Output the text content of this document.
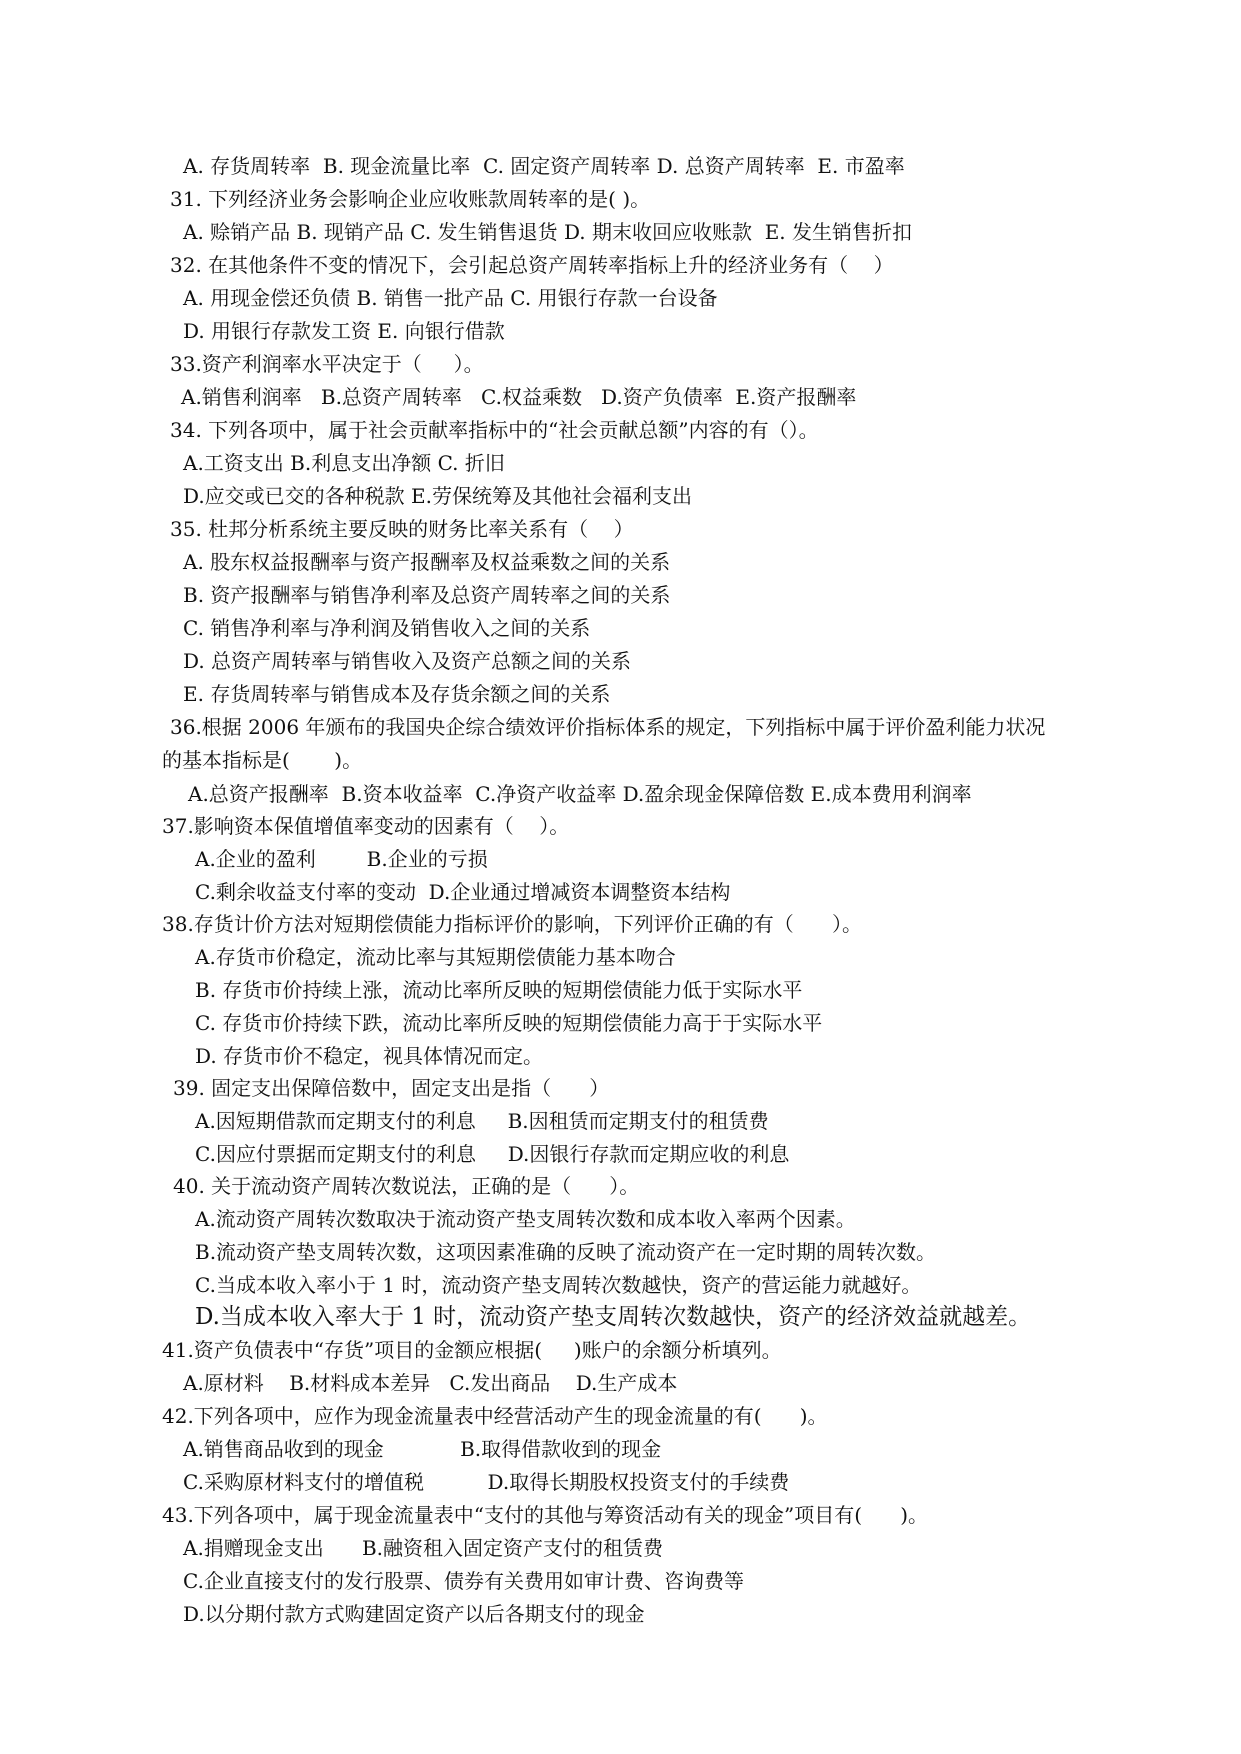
A. 存货周转率  B. 现金流量比率  C. 固定资产周转率 D. 总资产周转率  E. 市盈率

31. 下列经济业务会影响企业应收账款周转率的是( )。

A. 赊销产品 B. 现销产品 C. 发生销售退货 D. 期末收回应收账款  E. 发生销售折扣

32. 在其他条件不变的情况下，会引起总资产周转率指标上升的经济业务有（    ）

A. 用现金偿还负债 B. 销售一批产品 C. 用银行存款一台设备

D. 用银行存款发工资 E. 向银行借款

33.资产利润率水平决定于（     ）。

A.销售利润率   B.总资产周转率   C.权益乘数   D.资产负债率  E.资产报酬率

34. 下列各项中，属于社会贡献率指标中的“社会贡献总额”内容的有（）。

A.工资支出 B.利息支出净额 C. 折旧

D.应交或已交的各种税款 E.劳保统筹及其他社会福利支出

35. 杜邦分析系统主要反映的财务比率关系有（    ）

A. 股东权益报酬率与资产报酬率及权益乘数之间的关系

B. 资产报酬率与销售净利率及总资产周转率之间的关系

C. 销售净利率与净利润及销售收入之间的关系

D. 总资产周转率与销售收入及资产总额之间的关系

E. 存货周转率与销售成本及存货余额之间的关系

36.根据 2006 年颁布的我国央企综合绩效评价指标体系的规定，下列指标中属于评价盈利能力状况

的基本指标是(       )。

A.总资产报酬率  B.资本收益率  C.净资产收益率 D.盈余现金保障倍数 E.成本费用利润率

37.影响资本保值增值率变动的因素有（    ）。

A.企业的盈利        B.企业的亏损

C.剩余收益支付率的变动  D.企业通过增减资本调整资本结构

38.存货计价方法对短期偿债能力指标评价的影响，下列评价正确的有（      ）。

A.存货市价稳定，流动比率与其短期偿债能力基本吻合

B. 存货市价持续上涨，流动比率所反映的短期偿债能力低于实际水平

C. 存货市价持续下跌，流动比率所反映的短期偿债能力高于于实际水平

D. 存货市价不稳定，视具体情况而定。

39. 固定支出保障倍数中，固定支出是指（      ）

A.因短期借款而定期支付的利息     B.因租赁而定期支付的租赁费

C.因应付票据而定期支付的利息     D.因银行存款而定期应收的利息

40. 关于流动资产周转次数说法，正确的是（      ）。

A.流动资产周转次数取决于流动资产垫支周转次数和成本收入率两个因素。

B.流动资产垫支周转次数，这项因素准确的反映了流动资产在一定时期的周转次数。

C.当成本收入率小于 1 时，流动资产垫支周转次数越快，资产的营运能力就越好。

D.当成本收入率大于 1 时，流动资产垫支周转次数越快，资产的经济效益就越差。

41.资产负债表中“存货”项目的金额应根据(     )账户的余额分析填列。

A.原材料    B.材料成本差异   C.发出商品    D.生产成本

42.下列各项中，应作为现金流量表中经营活动产生的现金流量的有(      )。

A.销售商品收到的现金            B.取得借款收到的现金

C.采购原材料支付的增值税          D.取得长期股权投资支付的手续费

43.下列各项中，属于现金流量表中“支付的其他与筹资活动有关的现金”项目有(      )。

A.捐赠现金支出      B.融资租入固定资产支付的租赁费

C.企业直接支付的发行股票、债券有关费用如审计费、咨询费等

D.以分期付款方式购建固定资产以后各期支付的现金
